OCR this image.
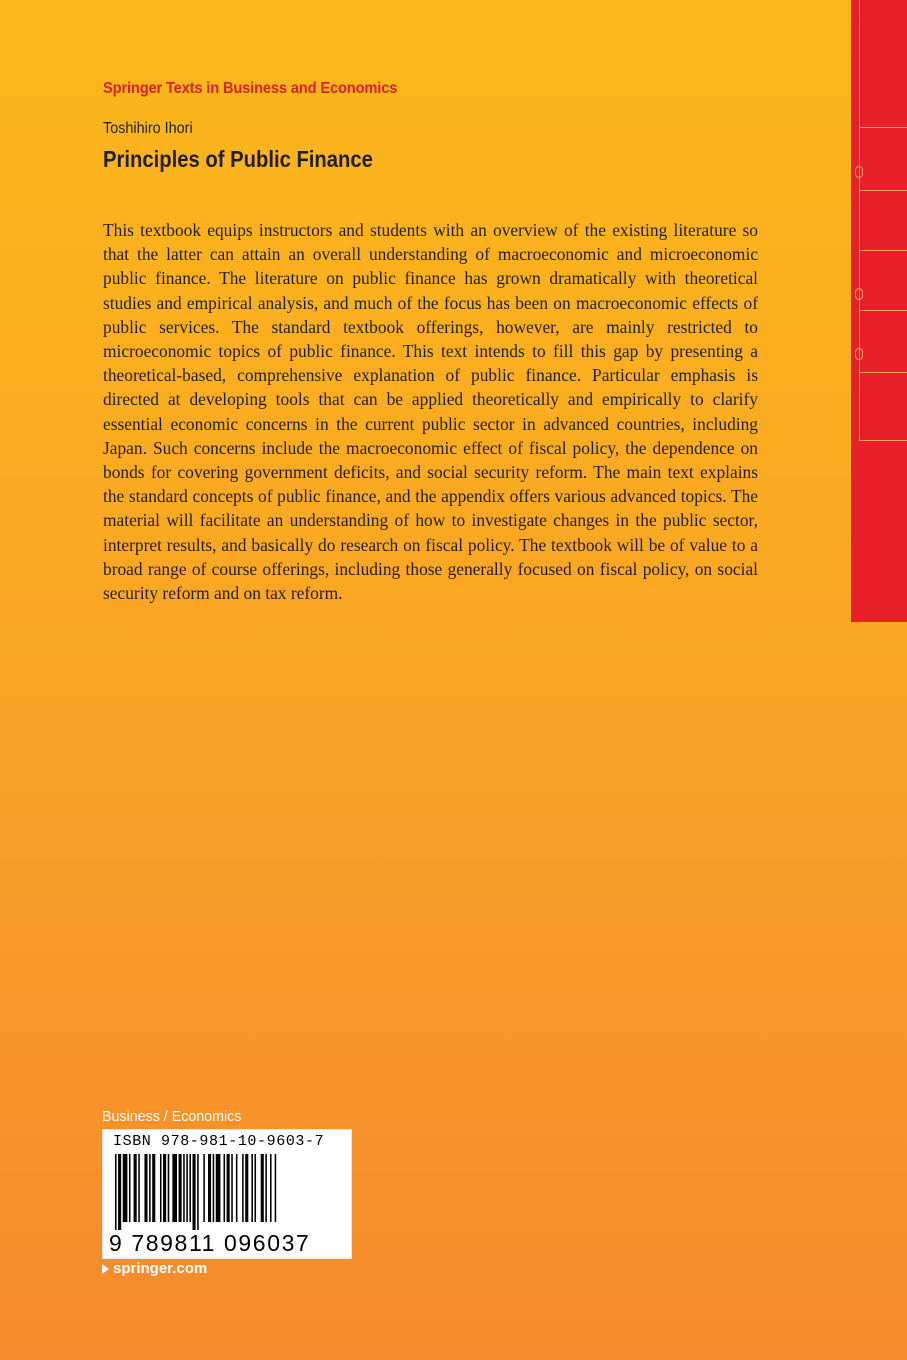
Springer Texts in Business and Economics
Toshihiro Ihori
Principles of Public Finance

This textbook equips instructors and students with an overview of the existing literature so that the latter can attain an overall understanding of macroeconomic and microeconomic public finance. The literature on public finance has grown dramatically with theoretical studies and empirical analysis, and much of the focus has been on macroeconomic effects of public services. The standard textbook offerings, however, are mainly restricted to microeconomic topics of public finance. This text intends to fill this gap by presenting a theoretical-based, comprehensive explanation of public finance. Particular emphasis is directed at developing tools that can be applied theoretically and empirically to clarify essential economic concerns in the current public sector in advanced countries, including Japan. Such concerns include the macroeconomic effect of fiscal policy, the dependence on bonds for covering government deficits, and social security reform. The main text explains the standard concepts of public finance, and the appendix offers various advanced topics. The material will facilitate an understanding of how to investigate changes in the public sector, interpret results, and basically do research on fiscal policy. The textbook will be of value to a broad range of course offerings, including those generally focused on fiscal policy, on social security reform and on tax reform.

Business / Economics
ISBN 978-981-10-9603-7
9 789811 096037
springer.com
